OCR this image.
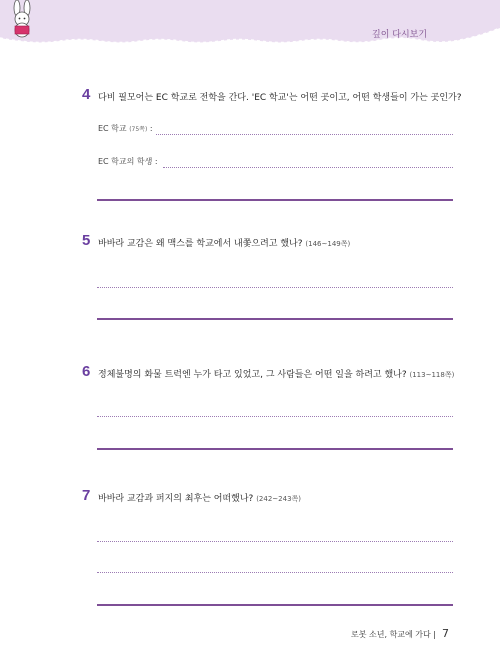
깊이 다시보기
4 다비 필모어는 EC 학교로 전학을 간다. 'EC 학교'는 어떤 곳이고, 어떤 학생들이 가는 곳인가?
EC 학교 (75쪽) :
EC 학교의 학생 :
5 바바라 교감은 왜 맥스를 학교에서 내쫓으려고 했나? (146~149쪽)
6 정체불명의 화물 트럭엔 누가 타고 있었고, 그 사람들은 어떤 일을 하려고 했나? (113~118쪽)
7 바바라 교감과 퍼지의 최후는 어떠했나? (242~243쪽)
로봇 소년, 학교에 가다 | 7
